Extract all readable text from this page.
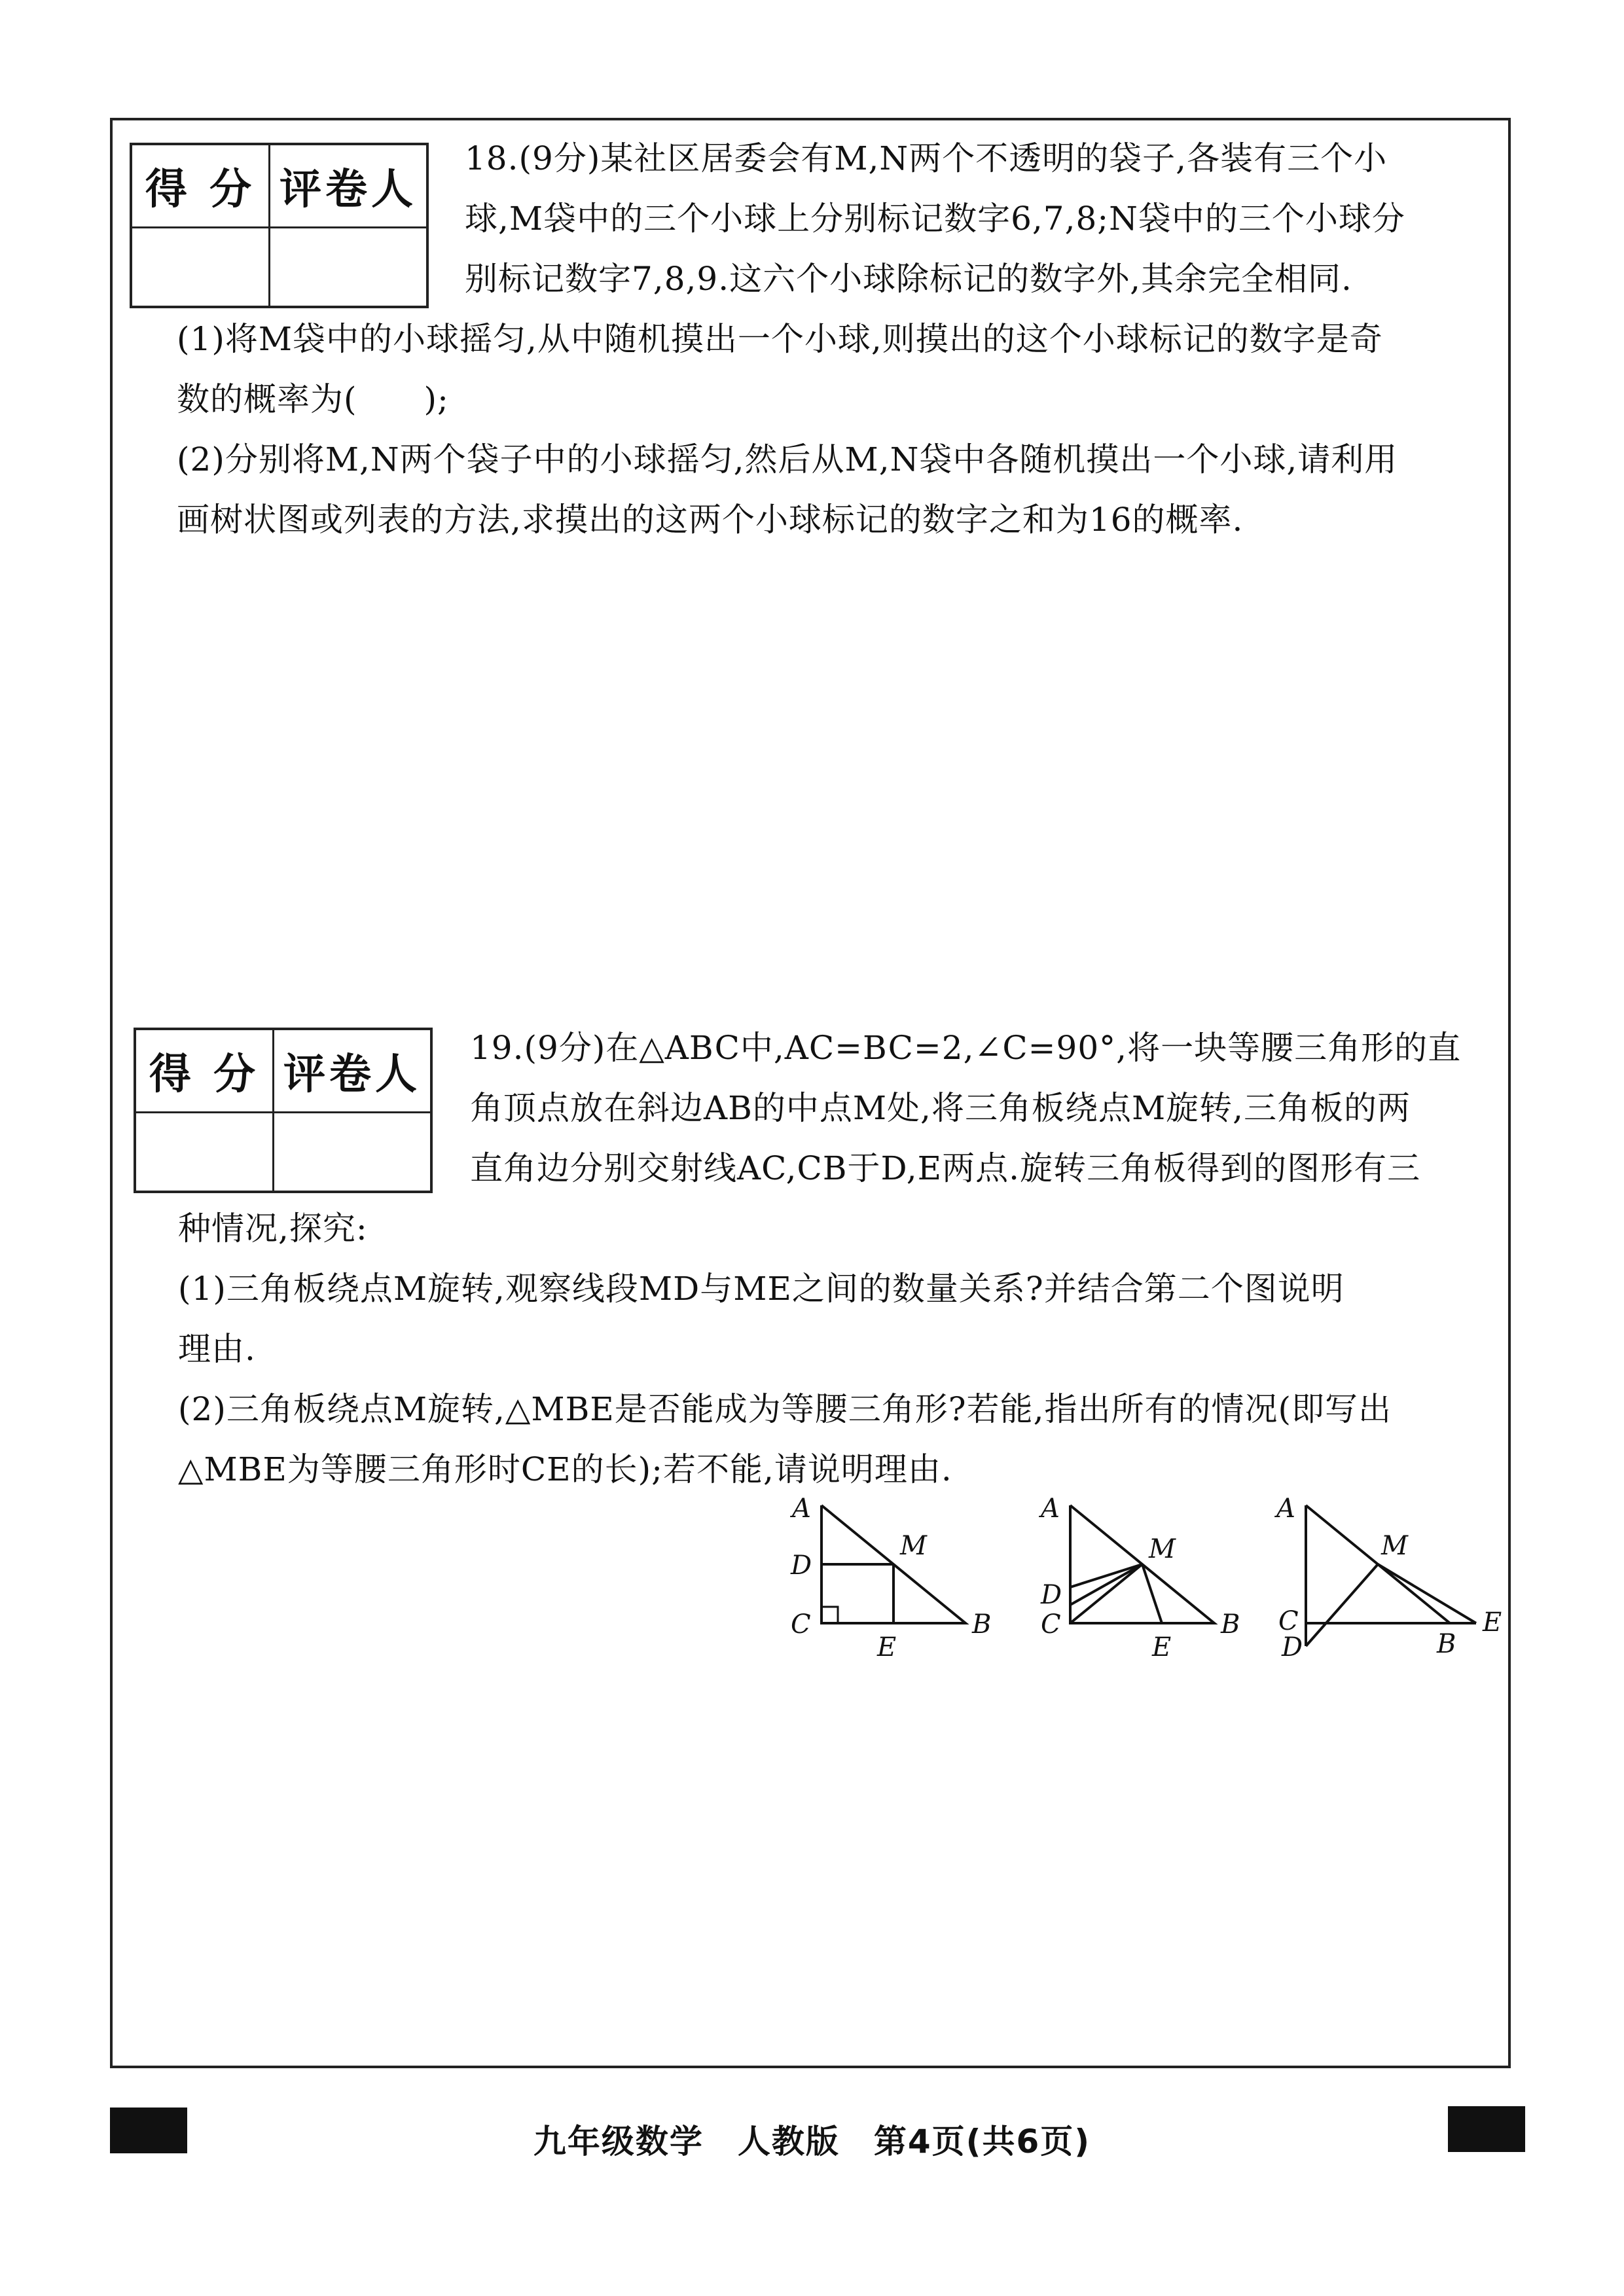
得 分	评卷人

18.(9分)某社区居委会有M,N两个不透明的袋子,各装有三个小

球,M袋中的三个小球上分别标记数字6,7,8;N袋中的三个小球分

别标记数字7,8,9.这六个小球除标记的数字外,其余完全相同.

(1)将M袋中的小球摇匀,从中随机摸出一个小球,则摸出的这个小球标记的数字是奇

数的概率为(　　);

(2)分别将M,N两个袋子中的小球摇匀,然后从M,N袋中各随机摸出一个小球,请利用

画树状图或列表的方法,求摸出的这两个小球标记的数字之和为16的概率.

得 分	评卷人

19.(9分)在△ABC中,AC=BC=2,∠C=90°,将一块等腰三角形的直

角顶点放在斜边AB的中点M处,将三角板绕点M旋转,三角板的两

直角边分别交射线AC,CB于D,E两点.旋转三角板得到的图形有三

种情况,探究:

(1)三角板绕点M旋转,观察线段MD与ME之间的数量关系?并结合第二个图说明

理由.

(2)三角板绕点M旋转,△MBE是否能成为等腰三角形?若能,指出所有的情况(即写出

△MBE为等腰三角形时CE的长);若不能,请说明理由.

A
D
M
C
E
B
A
D
M
C
E
B
A
M
C
D	B
E
九年级数学　人教版　第4页(共6页)
